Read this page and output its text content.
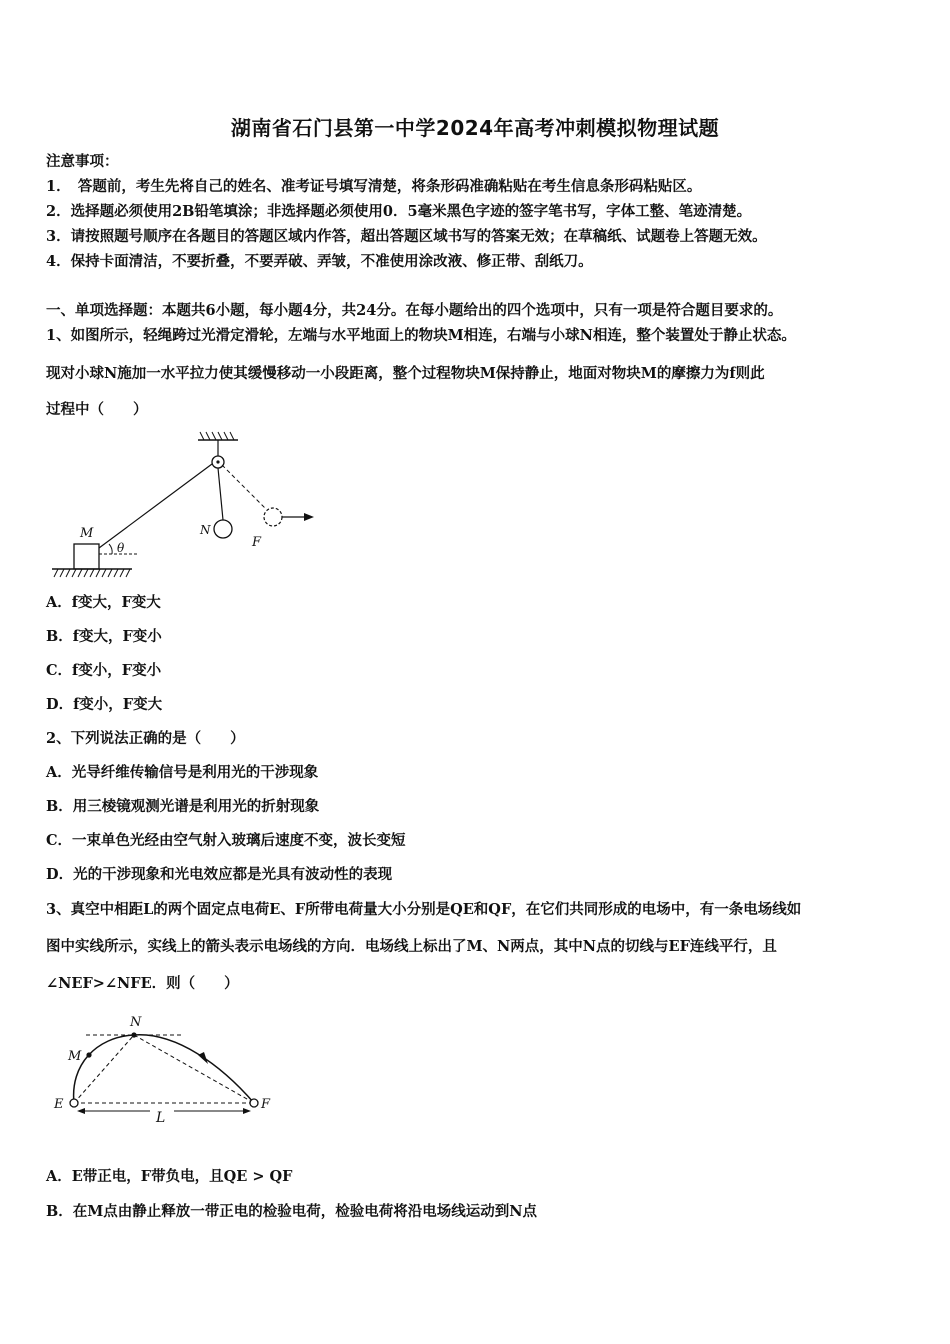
湖南省石门县第一中学2024年高考冲刺模拟物理试题
注意事项：
1．　答题前，考生先将自己的姓名、准考证号填写清楚，将条形码准确粘贴在考生信息条形码粘贴区。
2．选择题必须使用2B铅笔填涂；非选择题必须使用0．5毫米黑色字迹的签字笔书写，字体工整、笔迹清楚。
3．请按照题号顺序在各题目的答题区域内作答，超出答题区域书写的答案无效；在草稿纸、试题卷上答题无效。
4．保持卡面清洁，不要折叠，不要弄破、弄皱，不准使用涂改液、修正带、刮纸刀。
一、单项选择题：本题共6小题，每小题4分，共24分。在每小题给出的四个选项中，只有一项是符合题目要求的。
1、如图所示，轻绳跨过光滑定滑轮，左端与水平地面上的物块M相连，右端与小球N相连，整个装置处于静止状态。
现对小球N施加一水平拉力使其缓慢移动一小段距离，整个过程物块M保持静止，地面对物块M的摩擦力为f则此
过程中（　　）
M	N
F
θ
A．f变大，F变大
B．f变大，F变小
C．f变小，F变小
D．f变小，F变大
2、下列说法正确的是（　　）
A．光导纤维传输信号是利用光的干涉现象
B．用三棱镜观测光谱是利用光的折射现象
C．一束单色光经由空气射入玻璃后速度不变，波长变短
D．光的干涉现象和光电效应都是光具有波动性的表现
3、真空中相距L的两个固定点电荷E、F所带电荷量大小分别是QE和QF，在它们共同形成的电场中，有一条电场线如
图中实线所示，实线上的箭头表示电场线的方向．电场线上标出了M、N两点，其中N点的切线与EF连线平行，且
∠NEF>∠NFE．则（　　）
N
M
E	F
L
A．E带正电，F带负电，且QE > QF
B．在M点由静止释放一带正电的检验电荷，检验电荷将沿电场线运动到N点
